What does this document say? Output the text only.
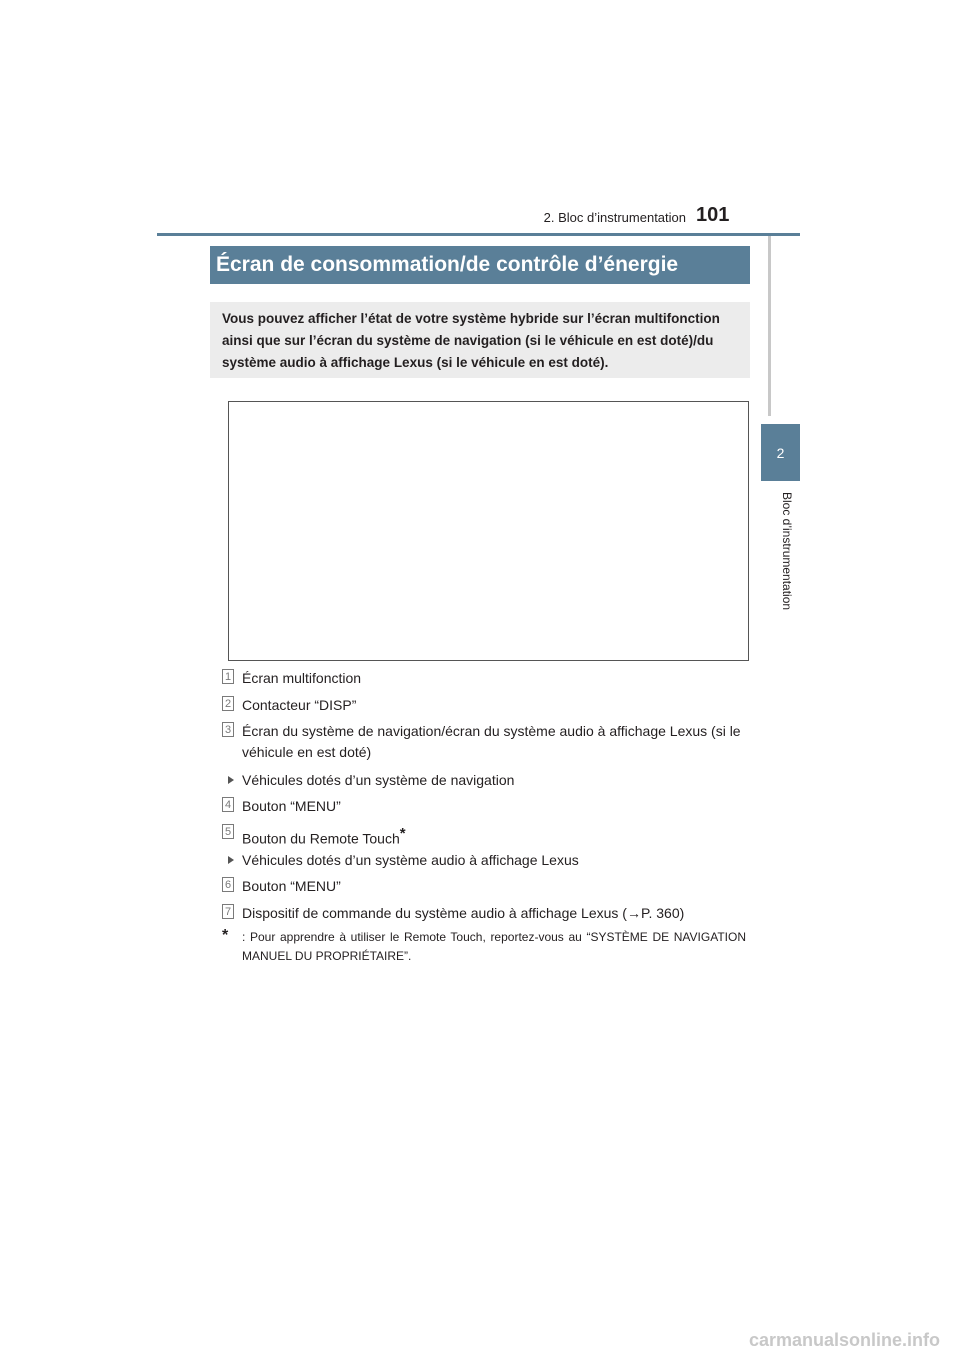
2. Bloc d’instrumentation 101
2
Bloc d’instrumentation
Écran de consommation/de contrôle d’énergie
Vous pouvez afficher l’état de votre système hybride sur l’écran multifonction ainsi que sur l’écran du système de navigation (si le véhicule en est doté)/du système audio à affichage Lexus (si le véhicule en est doté).
1 Écran multifonction
2 Contacteur “DISP”
3 Écran du système de navigation/écran du système audio à affichage Lexus (si le véhicule en est doté)
Véhicules dotés d’un système de navigation
4 Bouton “MENU”
5 Bouton du Remote Touch*
Véhicules dotés d’un système audio à affichage Lexus
6 Bouton “MENU”
7 Dispositif de commande du système audio à affichage Lexus (→P. 360)
* : Pour apprendre à utiliser le Remote Touch, reportez-vous au “SYSTÈME DE NAVIGATION MANUEL DU PROPRIÉTAIRE”.
carmanualsonline.info
